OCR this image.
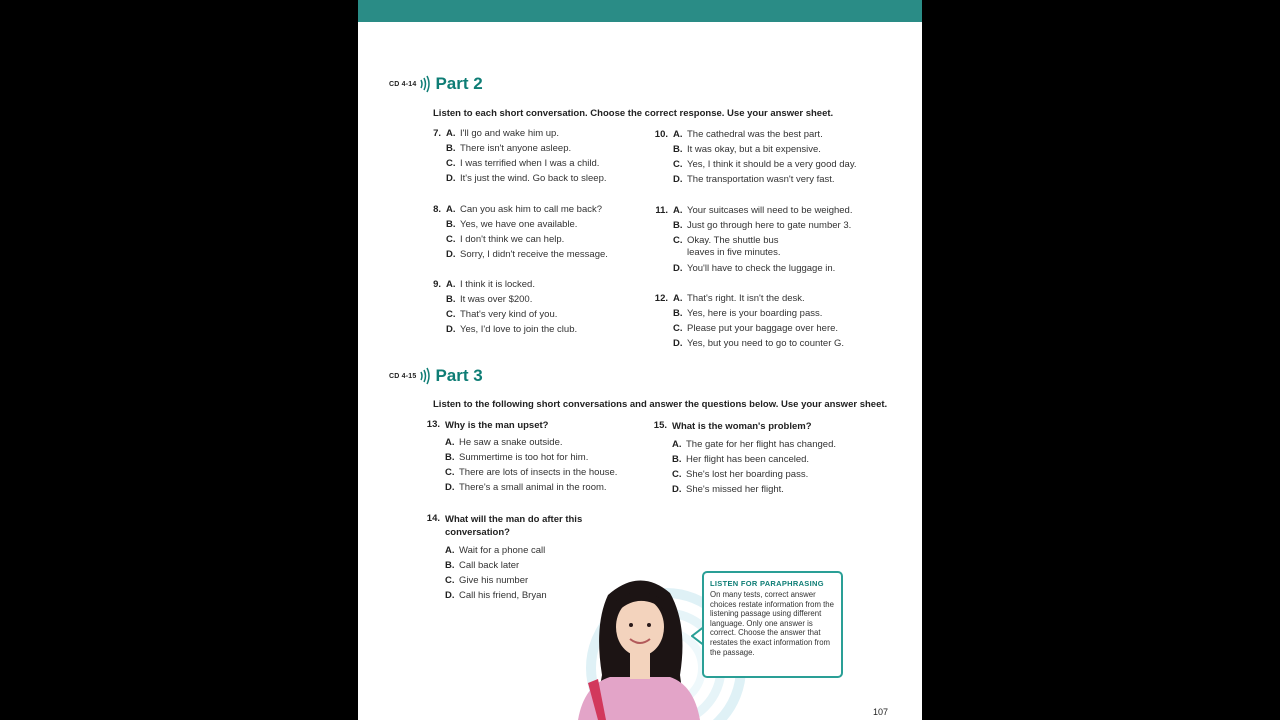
CD 4-14 Part 2
Listen to each short conversation. Choose the correct response. Use your answer sheet.
7. A. I'll go and wake him up.
B. There isn't anyone asleep.
C. I was terrified when I was a child.
D. It's just the wind. Go back to sleep.
8. A. Can you ask him to call me back?
B. Yes, we have one available.
C. I don't think we can help.
D. Sorry, I didn't receive the message.
9. A. I think it is locked.
B. It was over $200.
C. That's very kind of you.
D. Yes, I'd love to join the club.
10. A. The cathedral was the best part.
B. It was okay, but a bit expensive.
C. Yes, I think it should be a very good day.
D. The transportation wasn't very fast.
11. A. Your suitcases will need to be weighed.
B. Just go through here to gate number 3.
C. Okay. The shuttle bus leaves in five minutes.
D. You'll have to check the luggage in.
12. A. That's right. It isn't the desk.
B. Yes, here is your boarding pass.
C. Please put your baggage over here.
D. Yes, but you need to go to counter G.
CD 4-15 Part 3
Listen to the following short conversations and answer the questions below. Use your answer sheet.
13. Why is the man upset?
A. He saw a snake outside.
B. Summertime is too hot for him.
C. There are lots of insects in the house.
D. There's a small animal in the room.
14. What will the man do after this conversation?
A. Wait for a phone call
B. Call back later
C. Give his number
D. Call his friend, Bryan
15. What is the woman's problem?
A. The gate for her flight has changed.
B. Her flight has been canceled.
C. She's lost her boarding pass.
D. She's missed her flight.
LISTEN FOR PARAPHRASING
On many tests, correct answer choices restate information from the listening passage using different language. Only one answer is correct. Choose the answer that restates the exact information from the passage.
107
